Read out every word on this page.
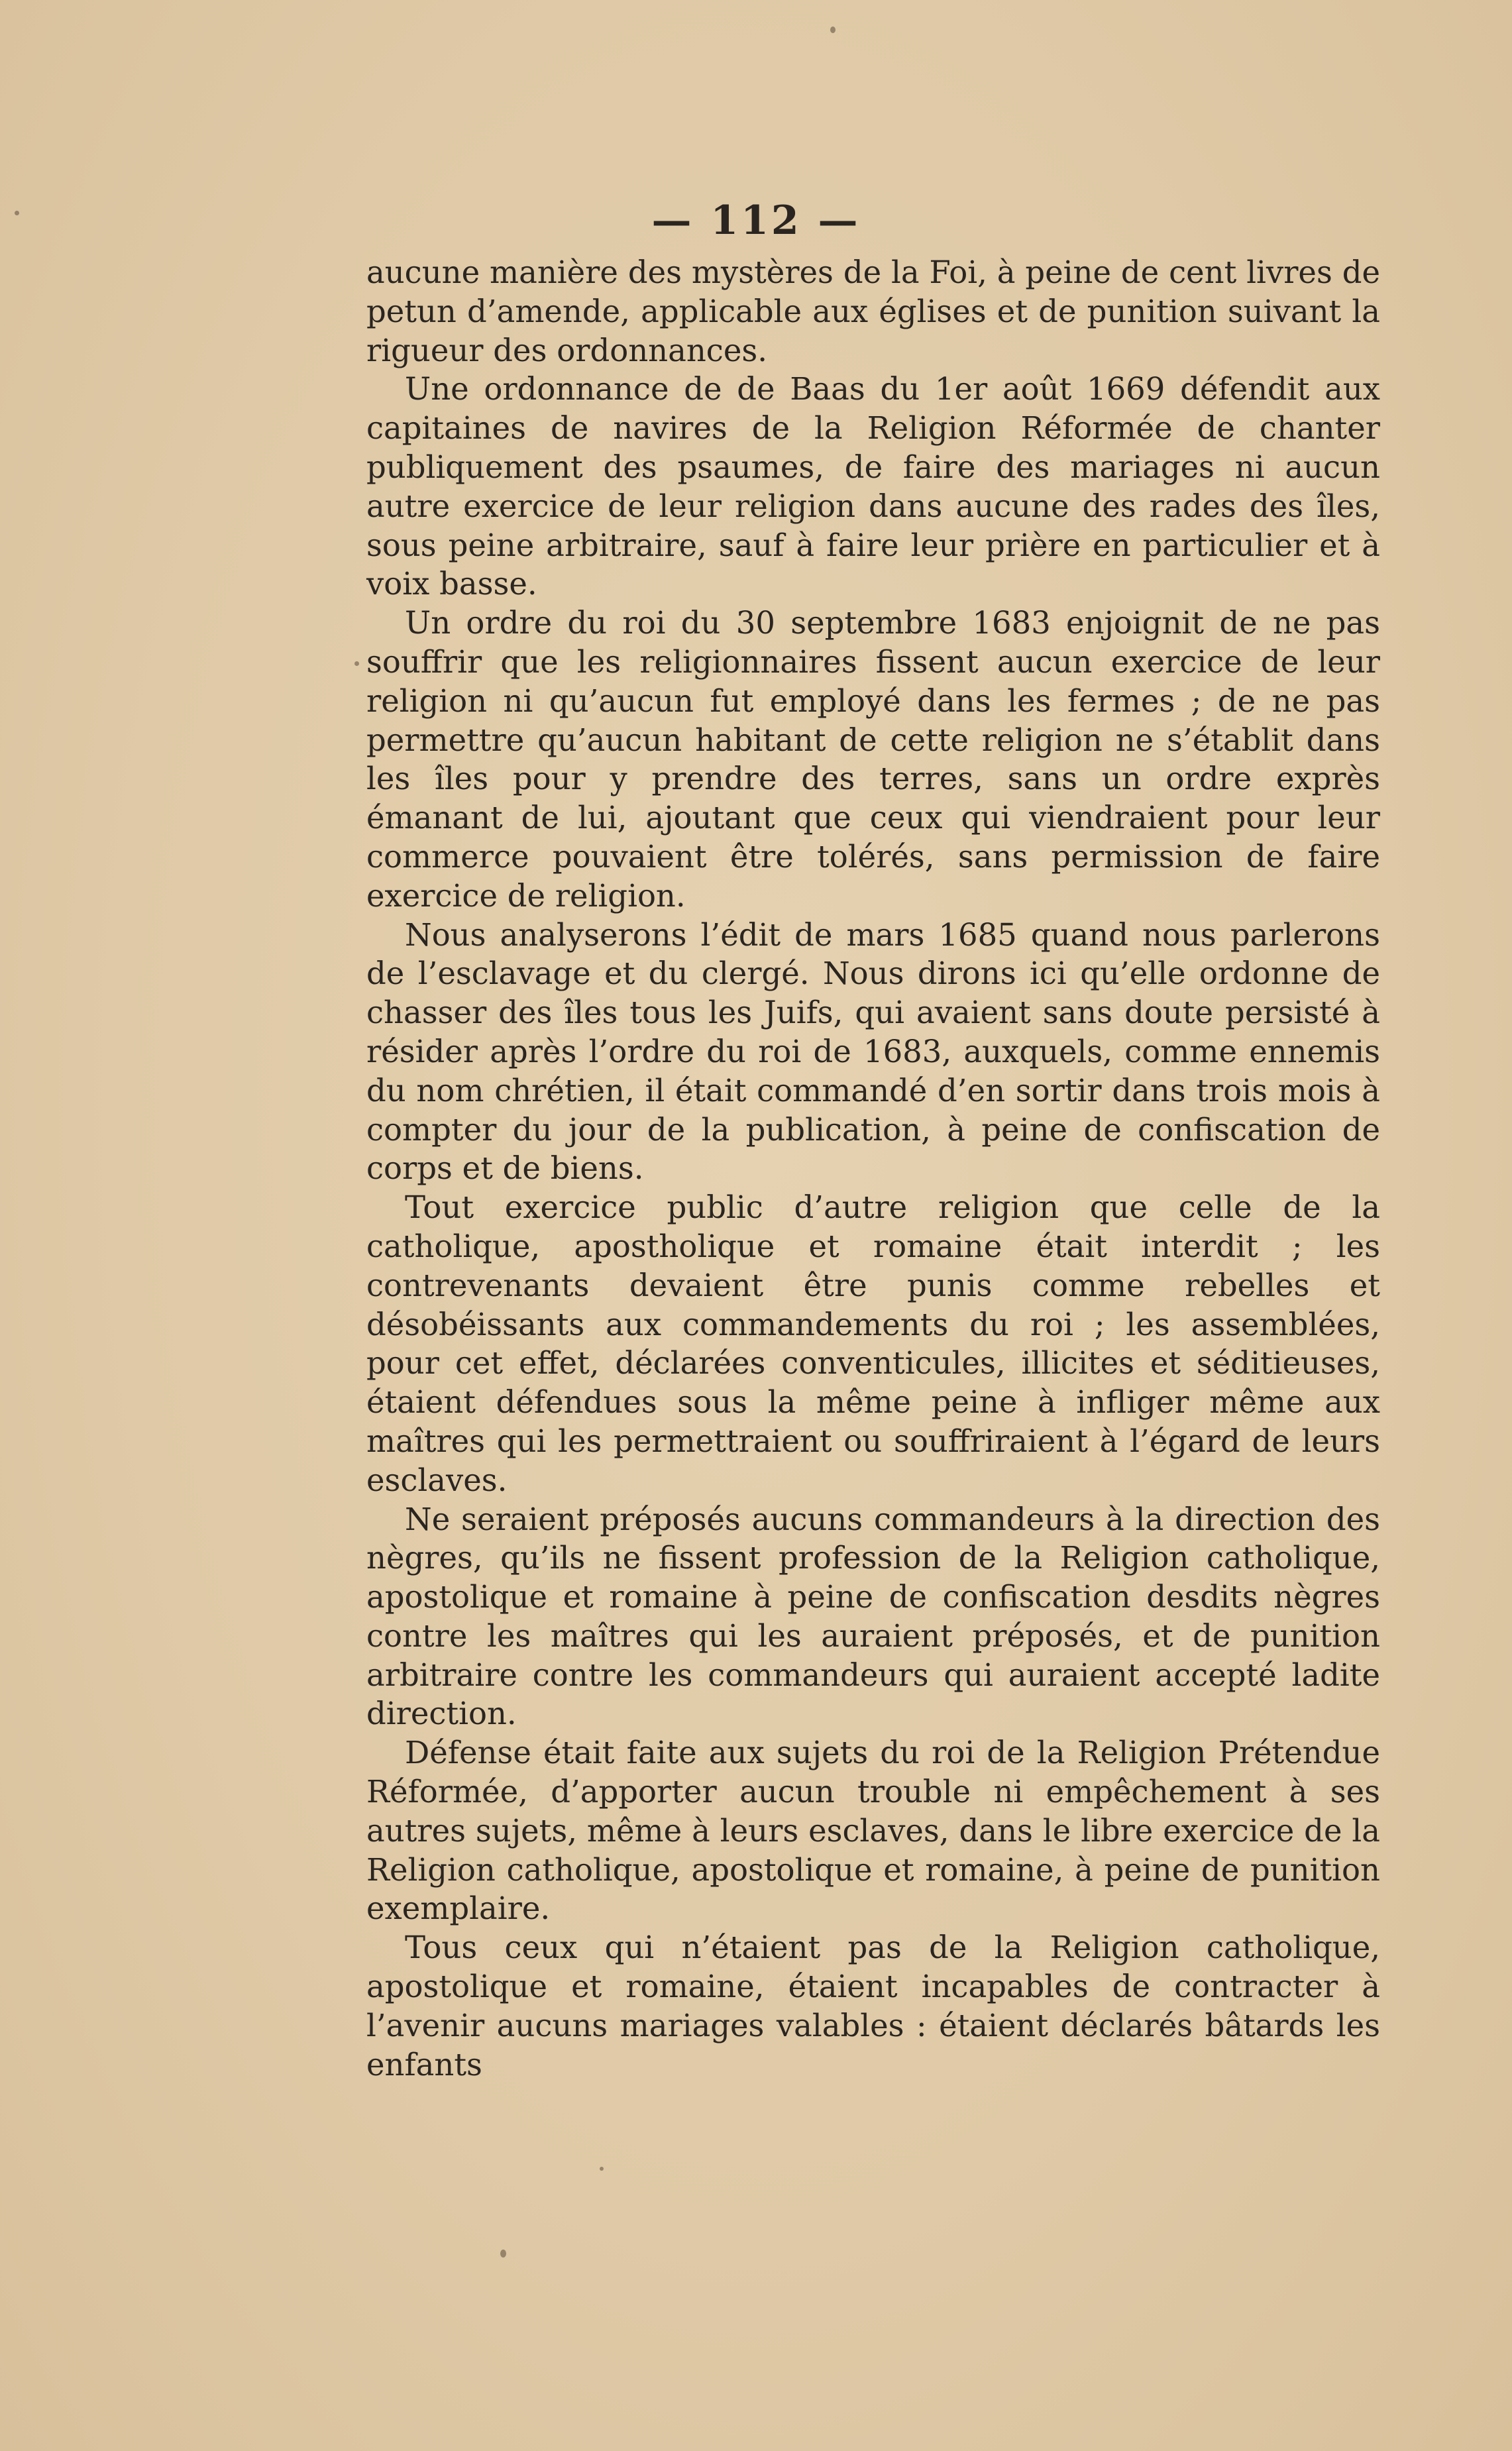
— 112 —

aucune manière des mystères de la Foi, à peine de cent livres de petun d’amende, applicable aux églises et de punition suivant la rigueur des ordonnances.

Une ordonnance de de Baas du 1er août 1669 défendit aux capitaines de navires de la Religion Réformée de chanter publiquement des psaumes, de faire des mariages ni aucun autre exercice de leur religion dans aucune des rades des îles, sous peine arbitraire, sauf à faire leur prière en particulier et à voix basse.

Un ordre du roi du 30 septembre 1683 enjoignit de ne pas souffrir que les religionnaires fissent aucun exercice de leur religion ni qu’aucun fut employé dans les fermes ; de ne pas permettre qu’aucun habitant de cette religion ne s’établit dans les îles pour y prendre des terres, sans un ordre exprès émanant de lui, ajoutant que ceux qui viendraient pour leur commerce pouvaient être tolérés, sans permission de faire exercice de religion.

Nous analyserons l’édit de mars 1685 quand nous parlerons de l’esclavage et du clergé. Nous dirons ici qu’elle ordonne de chasser des îles tous les Juifs, qui avaient sans doute persisté à résider après l’ordre du roi de 1683, auxquels, comme ennemis du nom chrétien, il était commandé d’en sortir dans trois mois à compter du jour de la publication, à peine de confiscation de corps et de biens.

Tout exercice public d’autre religion que celle de la catholique, apostholique et romaine était interdit ; les contrevenants devaient être punis comme rebelles et désobéissants aux commandements du roi ; les assemblées, pour cet effet, déclarées conventicules, illicites et séditieuses, étaient défendues sous la même peine à infliger même aux maîtres qui les permettraient ou souffriraient à l’égard de leurs esclaves.

Ne seraient préposés aucuns commandeurs à la direction des nègres, qu’ils ne fissent profession de la Religion catholique, apostolique et romaine à peine de confiscation desdits nègres contre les maîtres qui les auraient préposés, et de punition arbitraire contre les commandeurs qui auraient accepté ladite direction.

Défense était faite aux sujets du roi de la Religion Prétendue Réformée, d’apporter aucun trouble ni empêchement à ses autres sujets, même à leurs esclaves, dans le libre exercice de la Religion catholique, apostolique et romaine, à peine de punition exemplaire.

Tous ceux qui n’étaient pas de la Religion catholique, apostolique et romaine, étaient incapables de contracter à l’avenir aucuns mariages valables : étaient déclarés bâtards les enfants
